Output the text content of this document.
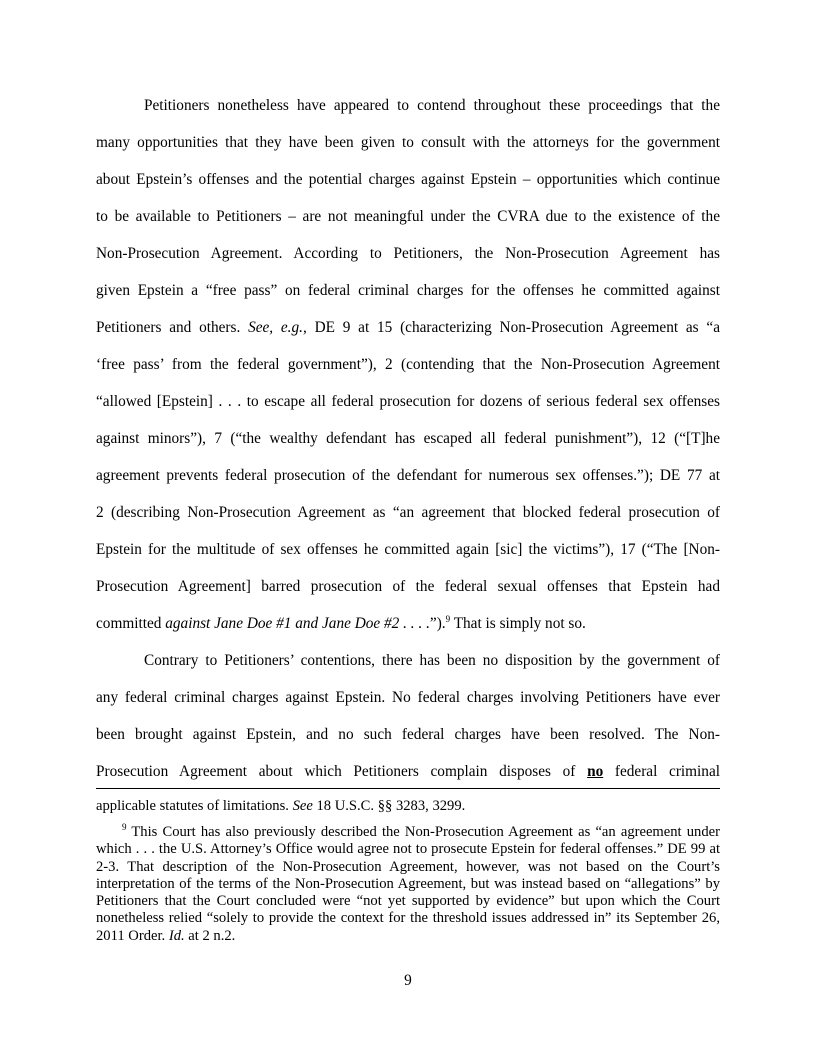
Petitioners nonetheless have appeared to contend throughout these proceedings that the
many opportunities that they have been given to consult with the attorneys for the government
about Epstein’s offenses and the potential charges against Epstein – opportunities which continue
to be available to Petitioners – are not meaningful under the CVRA due to the existence of the
Non-Prosecution Agreement. According to Petitioners, the Non-Prosecution Agreement has
given Epstein a “free pass” on federal criminal charges for the offenses he committed against
Petitioners and others. See, e.g., DE 9 at 15 (characterizing Non-Prosecution Agreement as “a
‘free pass’ from the federal government”), 2 (contending that the Non-Prosecution Agreement
“allowed [Epstein] . . . to escape all federal prosecution for dozens of serious federal sex offenses
against minors”), 7 (“the wealthy defendant has escaped all federal punishment”), 12 (“[T]he
agreement prevents federal prosecution of the defendant for numerous sex offenses.”); DE 77 at
2 (describing Non-Prosecution Agreement as “an agreement that blocked federal prosecution of
Epstein for the multitude of sex offenses he committed again [sic] the victims”), 17 (“The [Non-
Prosecution Agreement] barred prosecution of the federal sexual offenses that Epstein had
committed against Jane Doe #1 and Jane Doe #2 . . . .”).$^9$ That is simply not so.
Contrary to Petitioners’ contentions, there has been no disposition by the government of
any federal criminal charges against Epstein. No federal charges involving Petitioners have ever
been brought against Epstein, and no such federal charges have been resolved. The Non-
Prosecution Agreement about which Petitioners complain disposes of no federal criminal
applicable statutes of limitations. See 18 U.S.C. §§ 3283, 3299.
$^9$ This Court has also previously described the Non-Prosecution Agreement as “an agreement under which . . . the U.S. Attorney’s Office would agree not to prosecute Epstein for federal offenses.” DE 99 at 2-3. That description of the Non-Prosecution Agreement, however, was not based on the Court’s interpretation of the terms of the Non-Prosecution Agreement, but was instead based on “allegations” by Petitioners that the Court concluded were “not yet supported by evidence” but upon which the Court nonetheless relied “solely to provide the context for the threshold issues addressed in” its September 26, 2011 Order. Id. at 2 n.2.
9
